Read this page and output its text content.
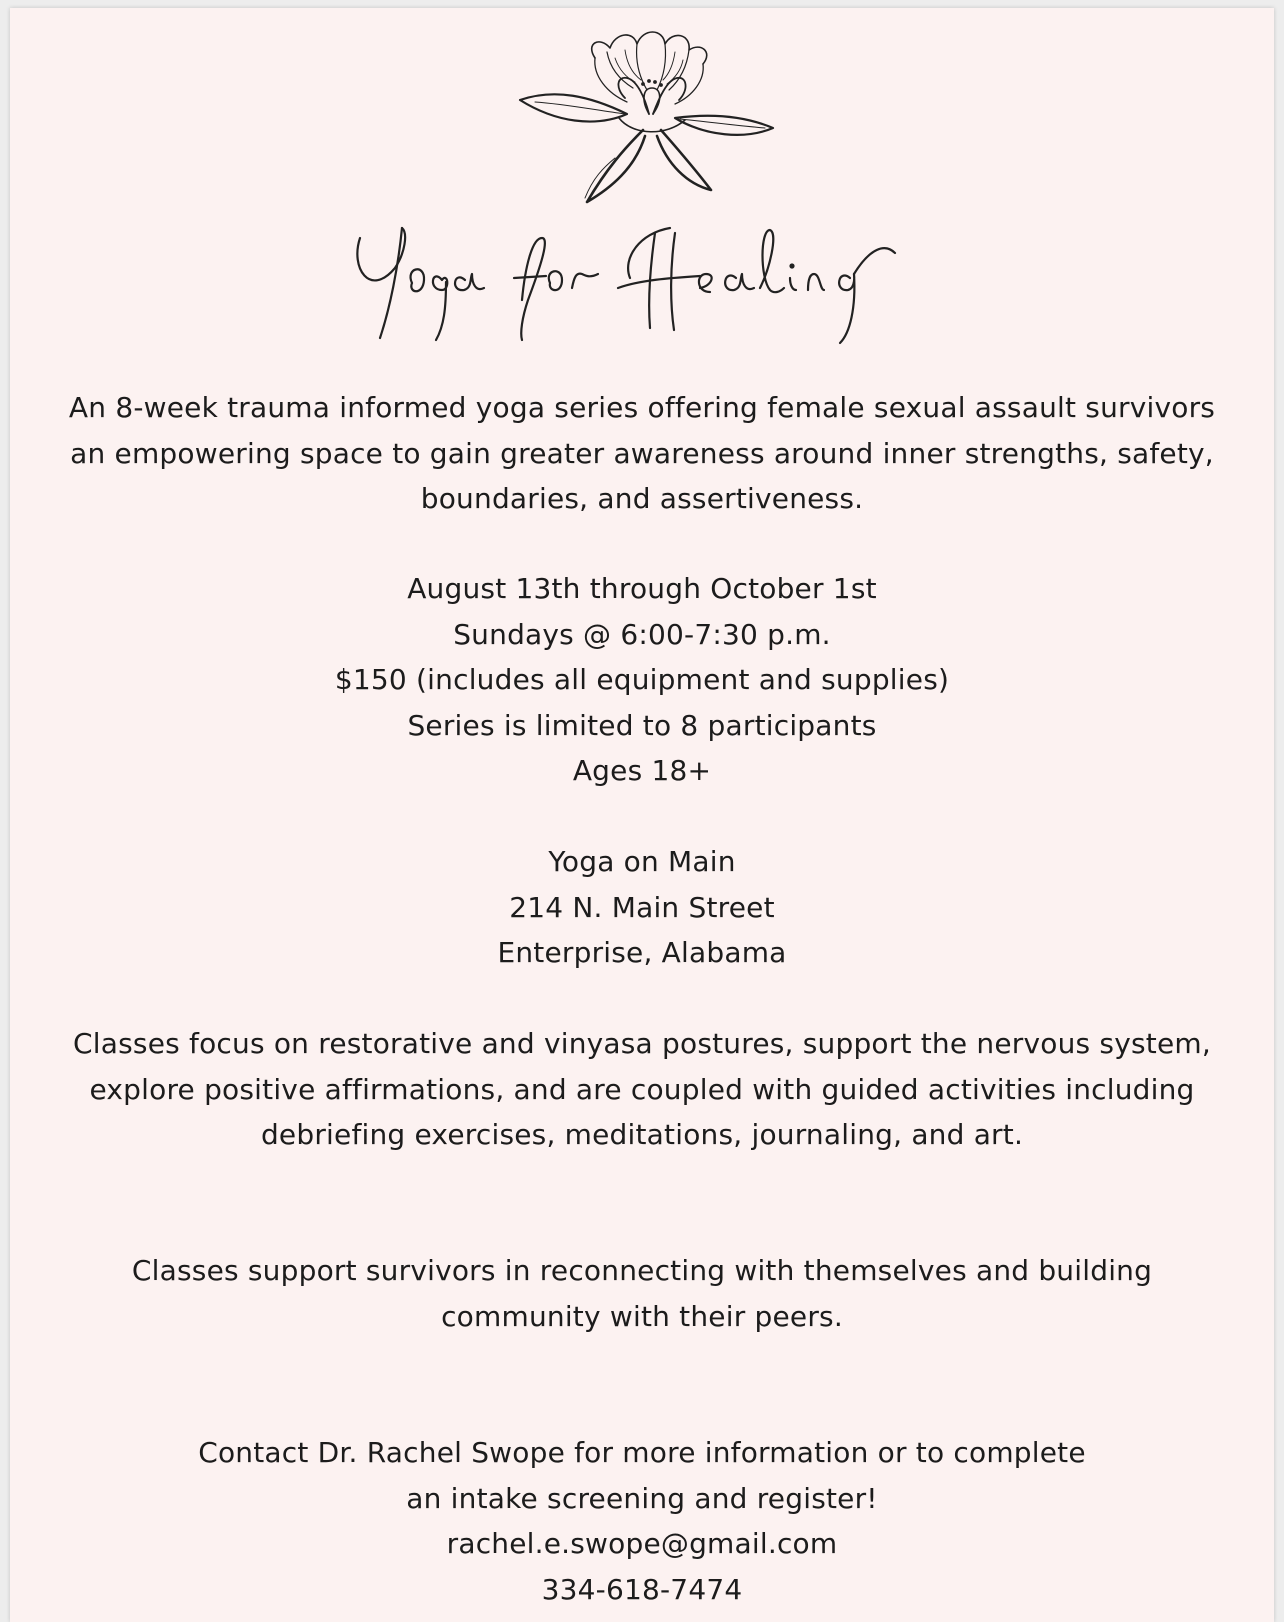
An 8-week trauma informed yoga series offering female sexual assault survivors
an empowering space to gain greater awareness around inner strengths, safety,
boundaries, and assertiveness.
August 13th through October 1st
Sundays @ 6:00-7:30 p.m.
$150 (includes all equipment and supplies)
Series is limited to 8 participants
Ages 18+
Yoga on Main
214 N. Main Street
Enterprise, Alabama
Classes focus on restorative and vinyasa postures, support the nervous system,
explore positive affirmations, and are coupled with guided activities including
debriefing exercises, meditations, journaling, and art.
Classes support survivors in reconnecting with themselves and building
community with their peers.
Contact Dr. Rachel Swope for more information or to complete
an intake screening and register!
rachel.e.swope@gmail.com
334-618-7474
